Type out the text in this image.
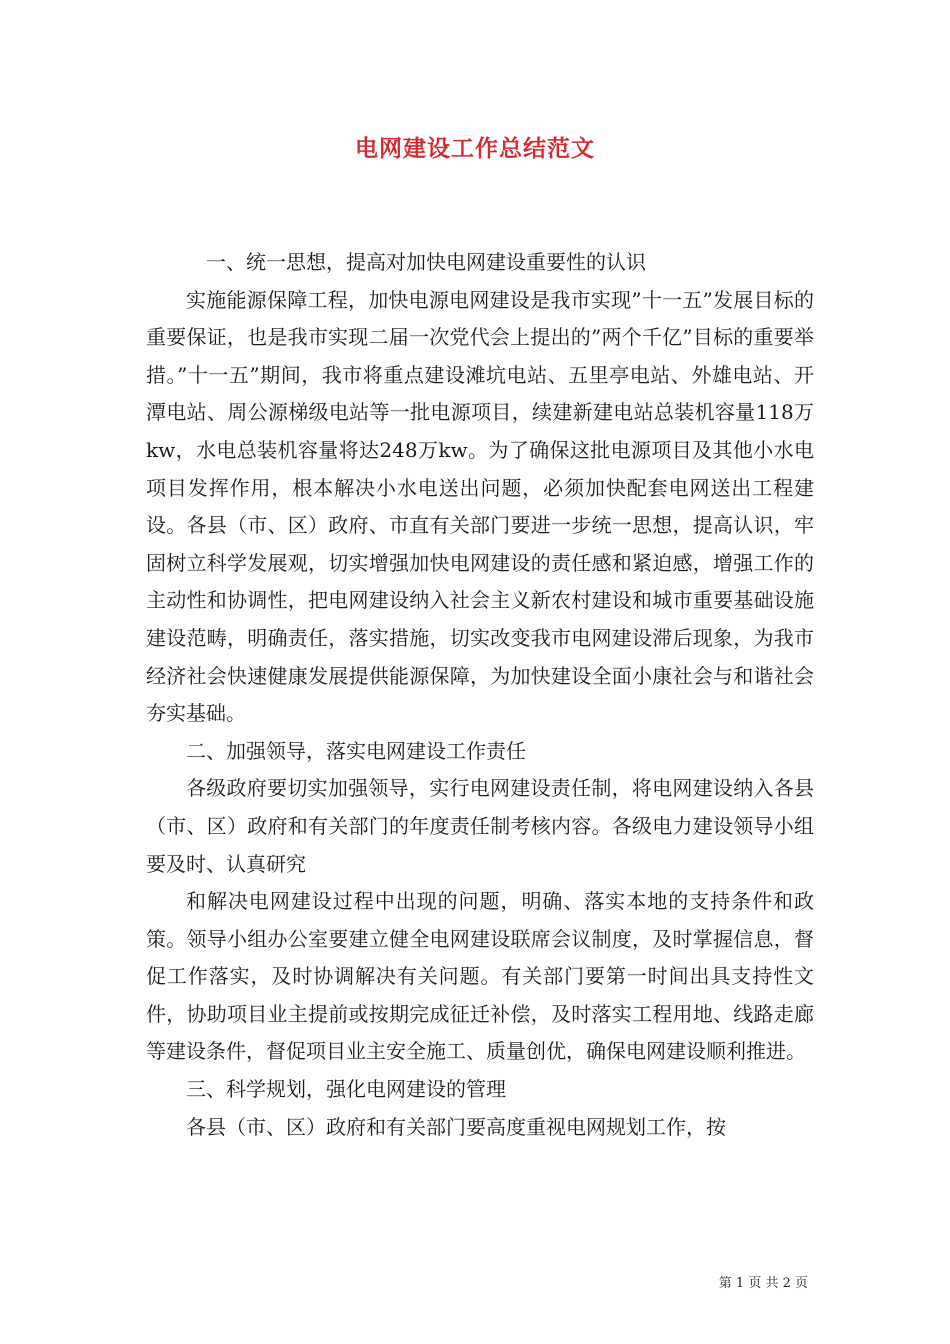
电网建设工作总结范文

一、统一思想，提高对加快电网建设重要性的认识

实施能源保障工程，加快电源电网建设是我市实现”十一五”发展目标的重要保证，也是我市实现二届一次党代会上提出的”两个千亿”目标的重要举措。”十一五”期间，我市将重点建设滩坑电站、五里亭电站、外雄电站、开潭电站、周公源梯级电站等一批电源项目，续建新建电站总装机容量118万kw，水电总装机容量将达248万kw。为了确保这批电源项目及其他小水电项目发挥作用，根本解决小水电送出问题，必须加快配套电网送出工程建设。各县（市、区）政府、市直有关部门要进一步统一思想，提高认识，牢固树立科学发展观，切实增强加快电网建设的责任感和紧迫感，增强工作的主动性和协调性，把电网建设纳入社会主义新农村建设和城市重要基础设施建设范畴，明确责任，落实措施，切实改变我市电网建设滞后现象，为我市经济社会快速健康发展提供能源保障，为加快建设全面小康社会与和谐社会夯实基础。

二、加强领导，落实电网建设工作责任

各级政府要切实加强领导，实行电网建设责任制，将电网建设纳入各县（市、区）政府和有关部门的年度责任制考核内容。各级电力建设领导小组要及时、认真研究

和解决电网建设过程中出现的问题，明确、落实本地的支持条件和政策。领导小组办公室要建立健全电网建设联席会议制度，及时掌握信息，督促工作落实，及时协调解决有关问题。有关部门要第一时间出具支持性文件，协助项目业主提前或按期完成征迁补偿，及时落实工程用地、线路走廊等建设条件，督促项目业主安全施工、质量创优，确保电网建设顺利推进。

三、科学规划，强化电网建设的管理

各县（市、区）政府和有关部门要高度重视电网规划工作，按

第 1 页 共 2 页
